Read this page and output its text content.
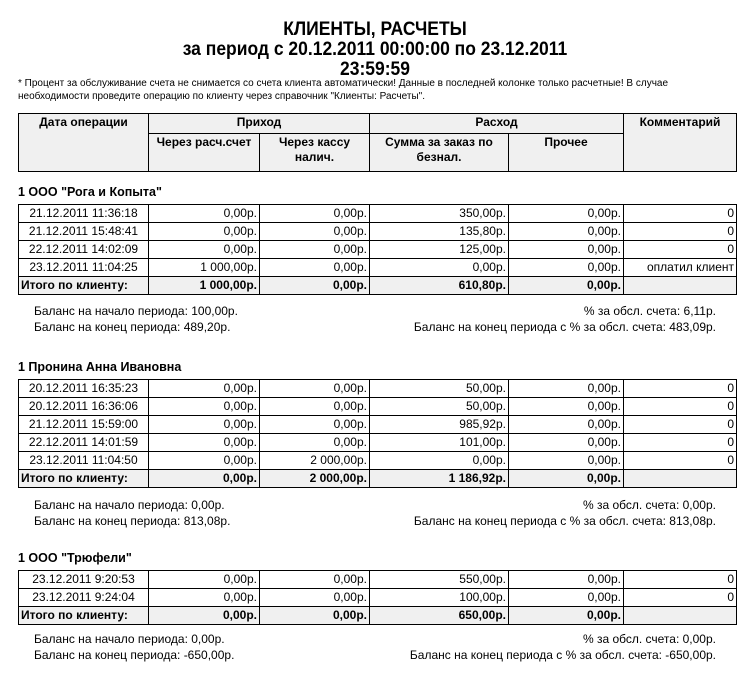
КЛИЕНТЫ, РАСЧЕТЫ
за период с 20.12.2011 00:00:00 по 23.12.2011
23:59:59
* Процент за обслуживание счета не снимается со счета клиента автоматически! Данные в последней колонке только расчетные! В случае необходимости проведите операцию по клиенту через справочник "Клиенты: Расчеты".
Дата операции	Приход		Расход		Комментарий
	Через расч.счет	Через кассу налич.	Сумма за заказ по безнал.	Прочее	
1 ООО "Рога и Копыта"
21.12.2011 11:36:18	0,00р.	0,00р.	350,00р.	0,00р.	0
21.12.2011 15:48:41	0,00р.	0,00р.	135,80р.	0,00р.	0
22.12.2011 14:02:09	0,00р.	0,00р.	125,00р.	0,00р.	0
23.12.2011 11:04:25	1 000,00р.	0,00р.	0,00р.	0,00р.	оплатил клиент
Итого по клиенту:	1 000,00р.	0,00р.	610,80р.	0,00р.	
Баланс на начало периода: 100,00р.
Баланс на конец периода: 489,20р.
% за обсл. счета: 6,11р.
Баланс на конец периода с % за обсл. счета: 483,09р.
1 Пронина Анна Ивановна
20.12.2011 16:35:23	0,00р.	0,00р.	50,00р.	0,00р.	0
20.12.2011 16:36:06	0,00р.	0,00р.	50,00р.	0,00р.	0
21.12.2011 15:59:00	0,00р.	0,00р.	985,92р.	0,00р.	0
22.12.2011 14:01:59	0,00р.	0,00р.	101,00р.	0,00р.	0
23.12.2011 11:04:50	0,00р.	2 000,00р.	0,00р.	0,00р.	0
Итого по клиенту:	0,00р.	2 000,00р.	1 186,92р.	0,00р.	
Баланс на начало периода: 0,00р.
Баланс на конец периода: 813,08р.
% за обсл. счета: 0,00р.
Баланс на конец периода с % за обсл. счета: 813,08р.
1 ООО "Трюфели"
23.12.2011 9:20:53	0,00р.	0,00р.	550,00р.	0,00р.	0
23.12.2011 9:24:04	0,00р.	0,00р.	100,00р.	0,00р.	0
Итого по клиенту:	0,00р.	0,00р.	650,00р.	0,00р.	
Баланс на начало периода: 0,00р.
Баланс на конец периода: -650,00р.
% за обсл. счета: 0,00р.
Баланс на конец периода с % за обсл. счета: -650,00р.
